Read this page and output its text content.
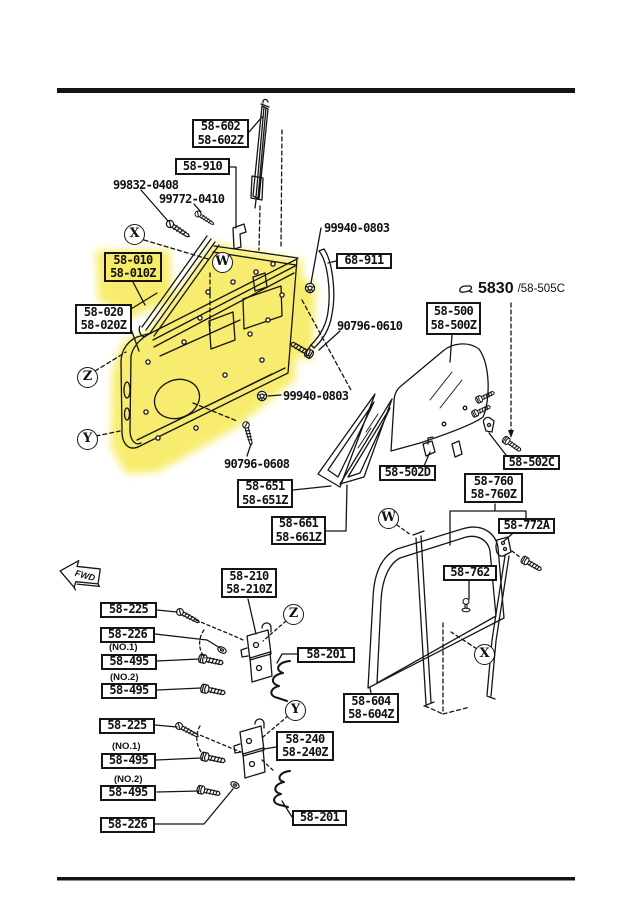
FWD
58-602
58-602Z
58-010
58-010Z
58-020
58-020Z
58-500
58-500Z
58-651
58-651Z
58-661
58-661Z
58-760
58-760Z
58-210
58-210Z
58-240
58-240Z
58-604
58-604Z
58-910
68-911
58-502D
58-502C
58-772A
58-762
58-225
58-226
58-495
58-495
58-201
58-225
58-495
58-495
58-226	58-201
99832-0408
99772-0410
99940-0803
90796-0610
99940-0803
90796-0608
(NO.1)
(NO.2)
(NO.1)
(NO.2)
X
W
Z
Y
W
Z
Y
X
5830 /58-505C
